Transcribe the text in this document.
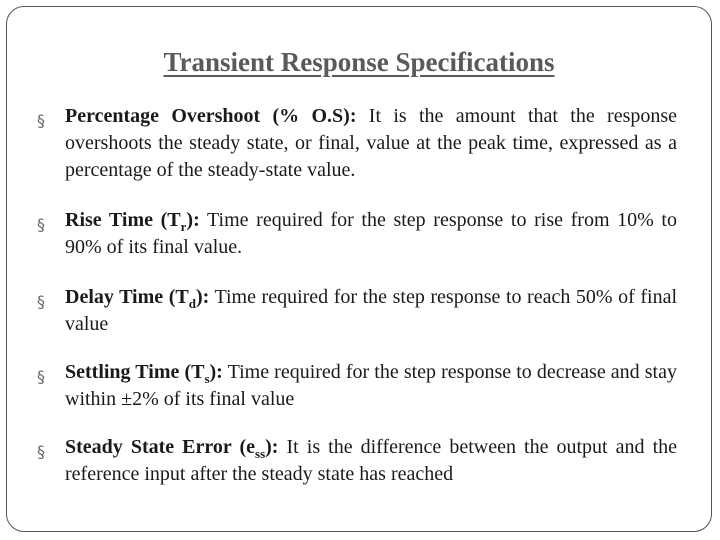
Transient Response Specifications
§ Percentage Overshoot (% O.S): It is the amount that the response overshoots the steady state, or final, value at the peak time, expressed as a percentage of the steady-state value.
§ Rise Time $(T_r)$: Time required for the step response to rise from 10% to 90% of its final value.
§ Delay Time $(T_d)$: Time required for the step response to reach 50% of final value
§ Settling Time $(T_s)$: Time required for the step response to decrease and stay within ±2% of its final value
§ Steady State Error $(e_{ss})$: It is the difference between the output and the reference input after the steady state has reached
